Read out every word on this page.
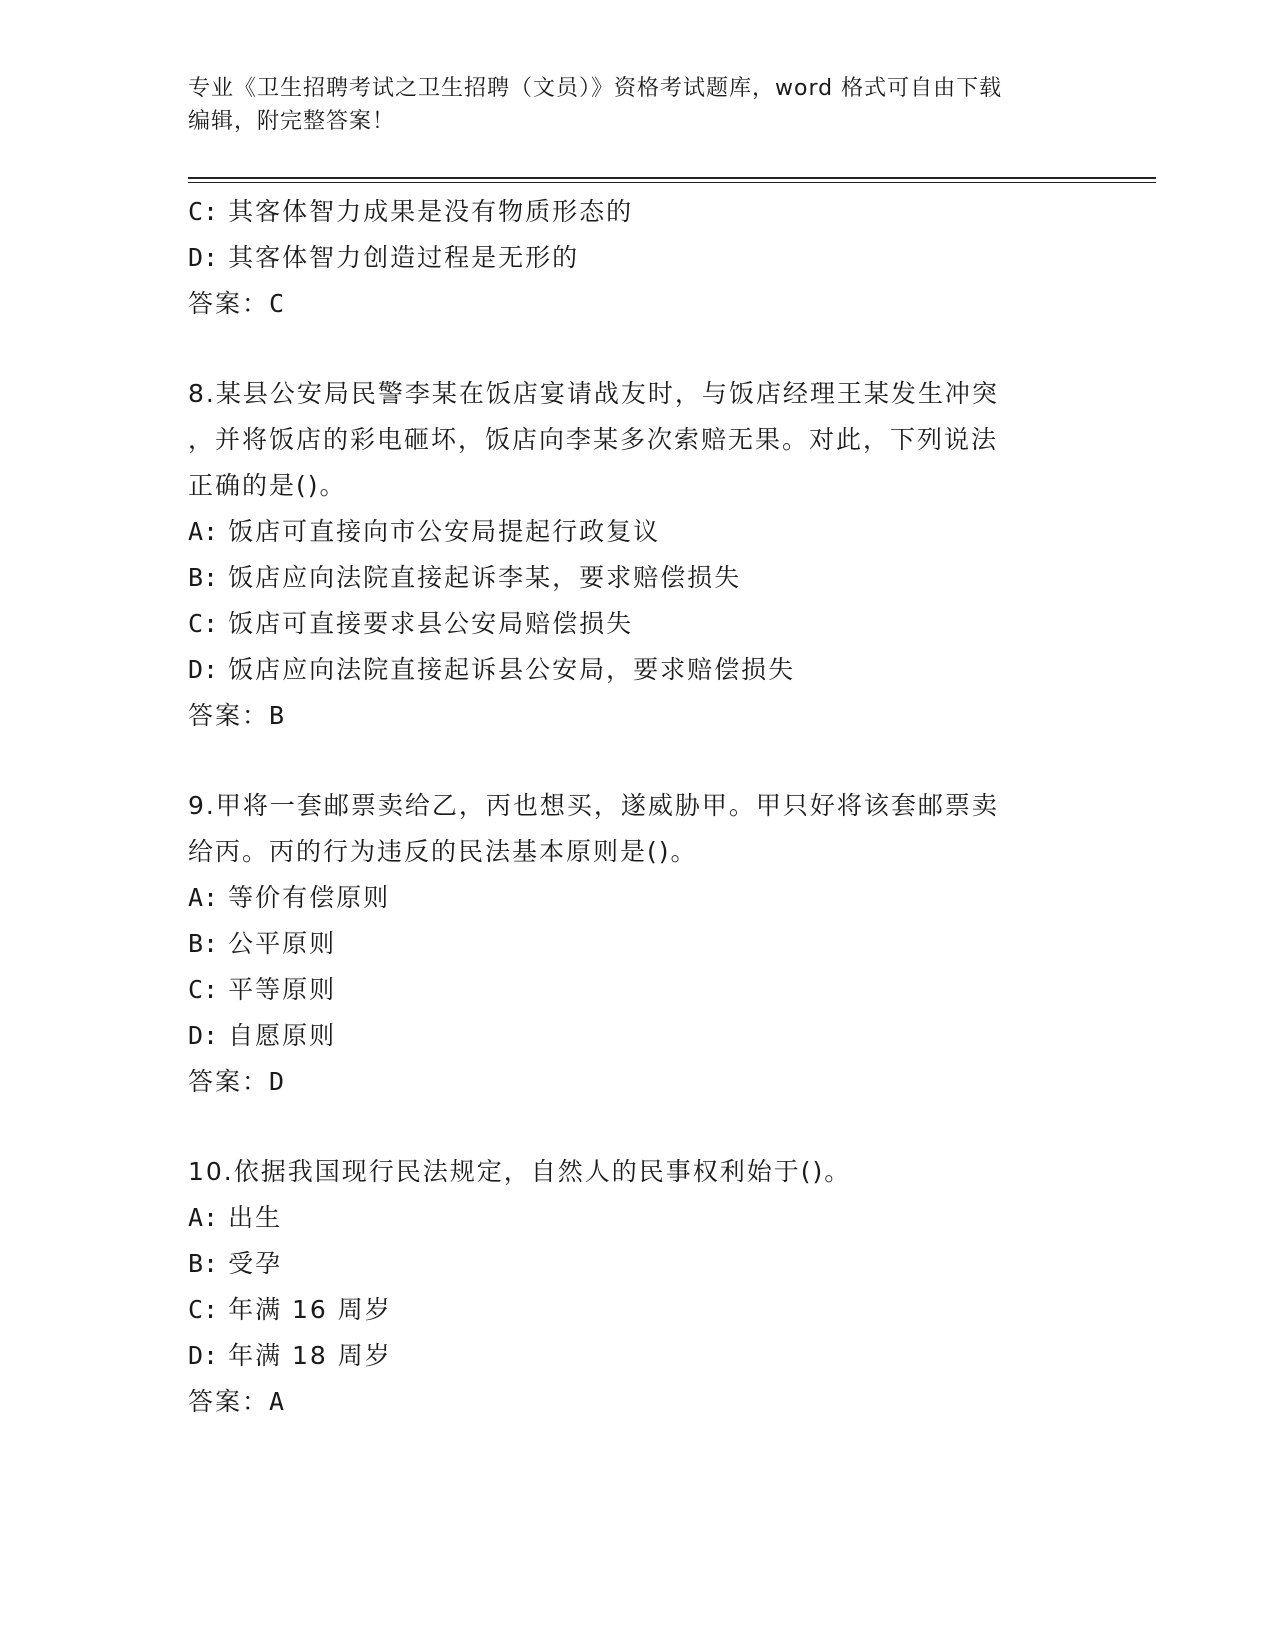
专业《卫生招聘考试之卫生招聘（文员）》资格考试题库，word 格式可自由下载
编辑，附完整答案！
C: 其客体智力成果是没有物质形态的
D: 其客体智力创造过程是无形的
答案：C
8.某县公安局民警李某在饭店宴请战友时，与饭店经理王某发生冲突
，并将饭店的彩电砸坏，饭店向李某多次索赔无果。对此，下列说法
正确的是()。
A: 饭店可直接向市公安局提起行政复议
B: 饭店应向法院直接起诉李某，要求赔偿损失
C: 饭店可直接要求县公安局赔偿损失
D: 饭店应向法院直接起诉县公安局，要求赔偿损失
答案：B
9.甲将一套邮票卖给乙，丙也想买，遂威胁甲。甲只好将该套邮票卖
给丙。丙的行为违反的民法基本原则是()。
A: 等价有偿原则
B: 公平原则
C: 平等原则
D: 自愿原则
答案：D
10.依据我国现行民法规定，自然人的民事权利始于()。
A: 出生
B: 受孕
C: 年满 16 周岁
D: 年满 18 周岁
答案：A
